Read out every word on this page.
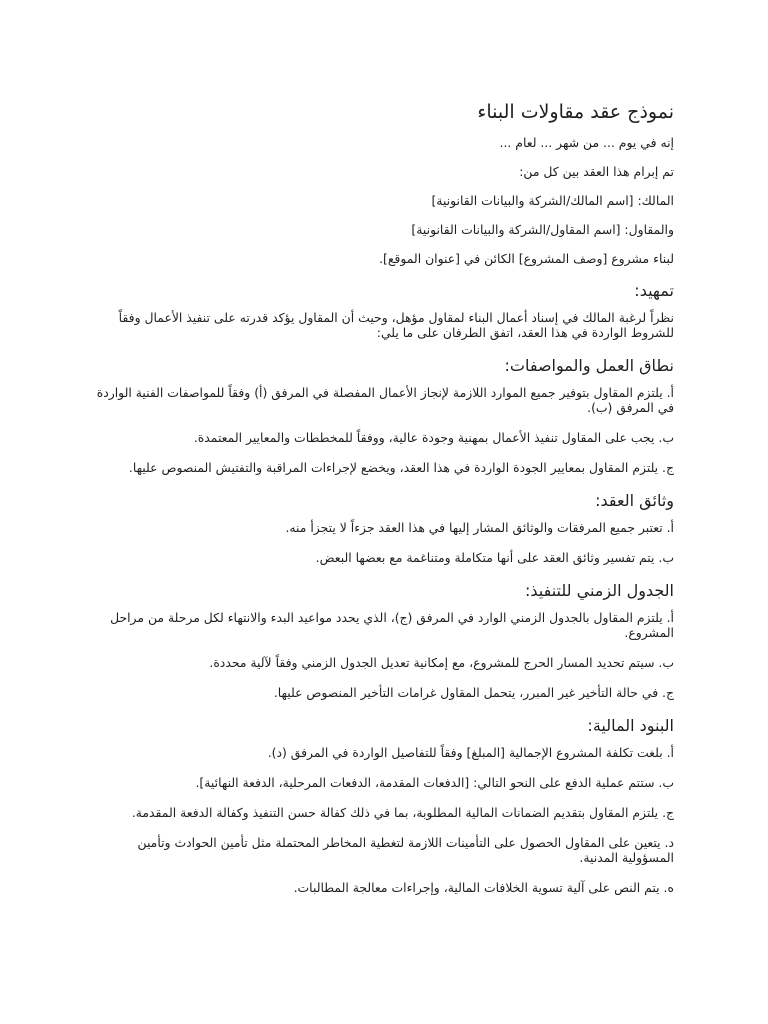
نموذج عقد مقاولات البناء

إنه في يوم ... من شهر ... لعام ...

تم إبرام هذا العقد بين كل من:

المالك: [اسم المالك/الشركة والبيانات القانونية]

والمقاول: [اسم المقاول/الشركة والبيانات القانونية]

لبناء مشروع [وصف المشروع] الكائن في [عنوان الموقع].

تمهيد:

نظراً لرغبة المالك في إسناد أعمال البناء لمقاول مؤهل، وحيث أن المقاول يؤكد قدرته على تنفيذ الأعمال وفقاً للشروط الواردة في هذا العقد، اتفق الطرفان على ما يلي:

نطاق العمل والمواصفات:

أ. يلتزم المقاول بتوفير جميع الموارد اللازمة لإنجاز الأعمال المفصلة في المرفق (أ) وفقاً للمواصفات الفنية الواردة في المرفق (ب).

ب. يجب على المقاول تنفيذ الأعمال بمهنية وجودة عالية، ووفقاً للمخططات والمعايير المعتمدة.

ج. يلتزم المقاول بمعايير الجودة الواردة في هذا العقد، ويخضع لإجراءات المراقبة والتفتيش المنصوص عليها.

وثائق العقد:

أ. تعتبر جميع المرفقات والوثائق المشار إليها في هذا العقد جزءاً لا يتجزأ منه.

ب. يتم تفسير وثائق العقد على أنها متكاملة ومتناغمة مع بعضها البعض.

الجدول الزمني للتنفيذ:

أ. يلتزم المقاول بالجدول الزمني الوارد في المرفق (ج)، الذي يحدد مواعيد البدء والانتهاء لكل مرحلة من مراحل المشروع.

ب. سيتم تحديد المسار الحرج للمشروع، مع إمكانية تعديل الجدول الزمني وفقاً لآلية محددة.

ج. في حالة التأخير غير المبرر، يتحمل المقاول غرامات التأخير المنصوص عليها.

البنود المالية:

أ. بلغت تكلفة المشروع الإجمالية [المبلغ] وفقاً للتفاصيل الواردة في المرفق (د).

ب. ستتم عملية الدفع على النحو التالي: [الدفعات المقدمة، الدفعات المرحلية، الدفعة النهائية].

ج. يلتزم المقاول بتقديم الضمانات المالية المطلوبة، بما في ذلك كفالة حسن التنفيذ وكفالة الدفعة المقدمة.

د. يتعين على المقاول الحصول على التأمينات اللازمة لتغطية المخاطر المحتملة مثل تأمين الحوادث وتأمين المسؤولية المدنية.

ه. يتم النص على آلية تسوية الخلافات المالية، وإجراءات معالجة المطالبات.
